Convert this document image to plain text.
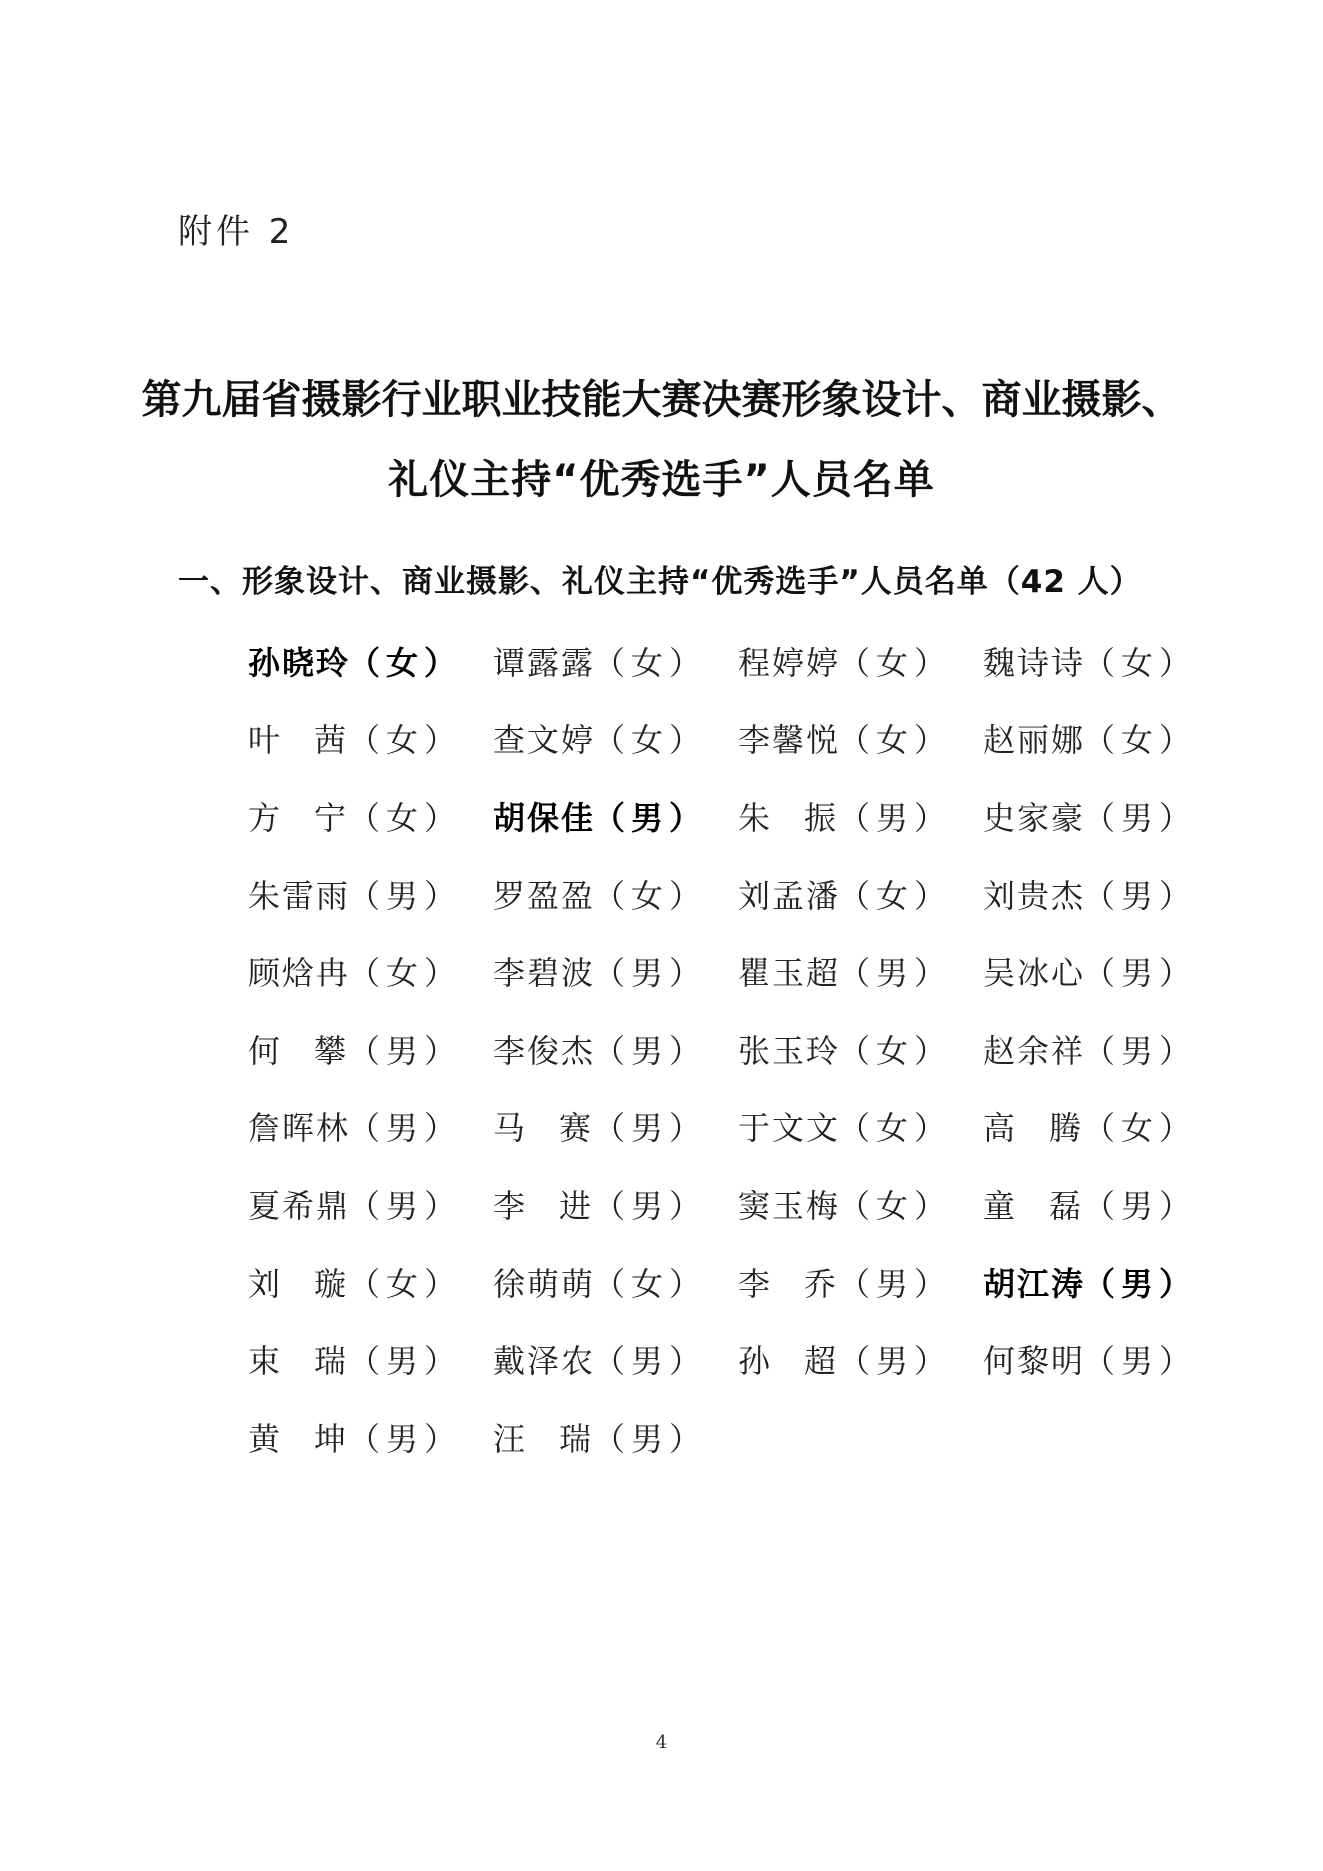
附件 2

第九届省摄影行业职业技能大赛决赛形象设计、商业摄影、
礼仪主持“优秀选手”人员名单
一、形象设计、商业摄影、礼仪主持“优秀选手”人员名单（42 人）
孙晓玲
（女） 谭露露
（女） 程婷婷
（女） 魏诗诗
（女）
叶茜 （女） 查文婷
（女） 李馨悦
（女） 赵丽娜
（女）
方宁 （女） 胡保佳
（男） 朱振 （男） 史家豪
（男）
朱雷雨
（男） 罗盈盈
（女） 刘孟潘
（女） 刘贵杰
（男）
顾焓冉
（女） 李碧波
（男） 瞿玉超
（男） 吴冰心
（男）
何攀 （男） 李俊杰
（男） 张玉玲
（女） 赵余祥
（男）
詹晖林
（男） 马赛 （男） 于文文
（女） 高腾 （女）
夏希鼎
（男） 李进 （男） 窦玉梅
（女） 童磊 （男）
刘璇 （女） 徐萌萌
（女） 李乔 （男） 胡江涛
（男）
束瑞 （男） 戴泽农
（男） 孙超 （男） 何黎明
（男）
黄坤 （男） 汪瑞 （男）

4
